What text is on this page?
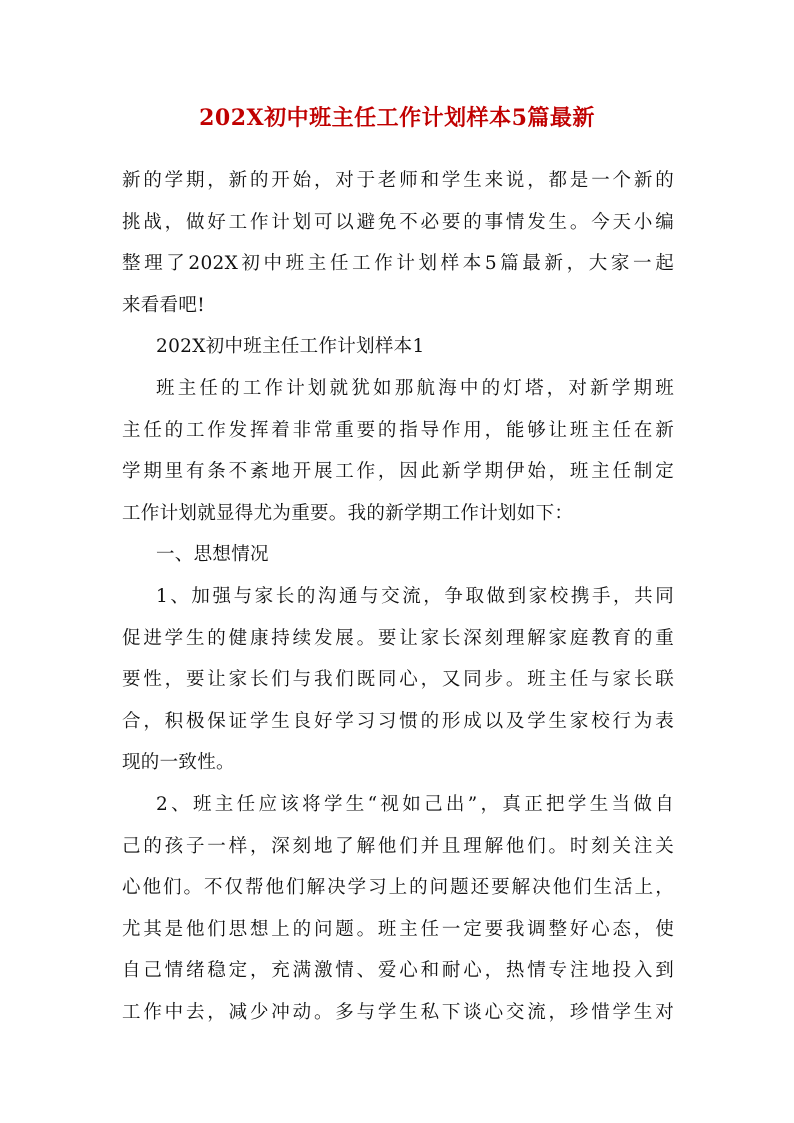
202X初中班主任工作计划样本5篇最新
新的学期，新的开始，对于老师和学生来说，都是一个新的
挑战，做好工作计划可以避免不必要的事情发生。今天小编
整理了202X初中班主任工作计划样本5篇最新，大家一起
来看看吧!
202X初中班主任工作计划样本1
班主任的工作计划就犹如那航海中的灯塔，对新学期班
主任的工作发挥着非常重要的指导作用，能够让班主任在新
学期里有条不紊地开展工作，因此新学期伊始，班主任制定
工作计划就显得尤为重要。我的新学期工作计划如下：
一、思想情况
1、加强与家长的沟通与交流，争取做到家校携手，共同
促进学生的健康持续发展。要让家长深刻理解家庭教育的重
要性，要让家长们与我们既同心，又同步。班主任与家长联
合，积极保证学生良好学习习惯的形成以及学生家校行为表
现的一致性。
2、班主任应该将学生“视如己出”，真正把学生当做自
己的孩子一样，深刻地了解他们并且理解他们。时刻关注关
心他们。不仅帮他们解决学习上的问题还要解决他们生活上，
尤其是他们思想上的问题。班主任一定要我调整好心态，使
自己情绪稳定，充满激情、爱心和耐心，热情专注地投入到
工作中去，减少冲动。多与学生私下谈心交流，珍惜学生对
